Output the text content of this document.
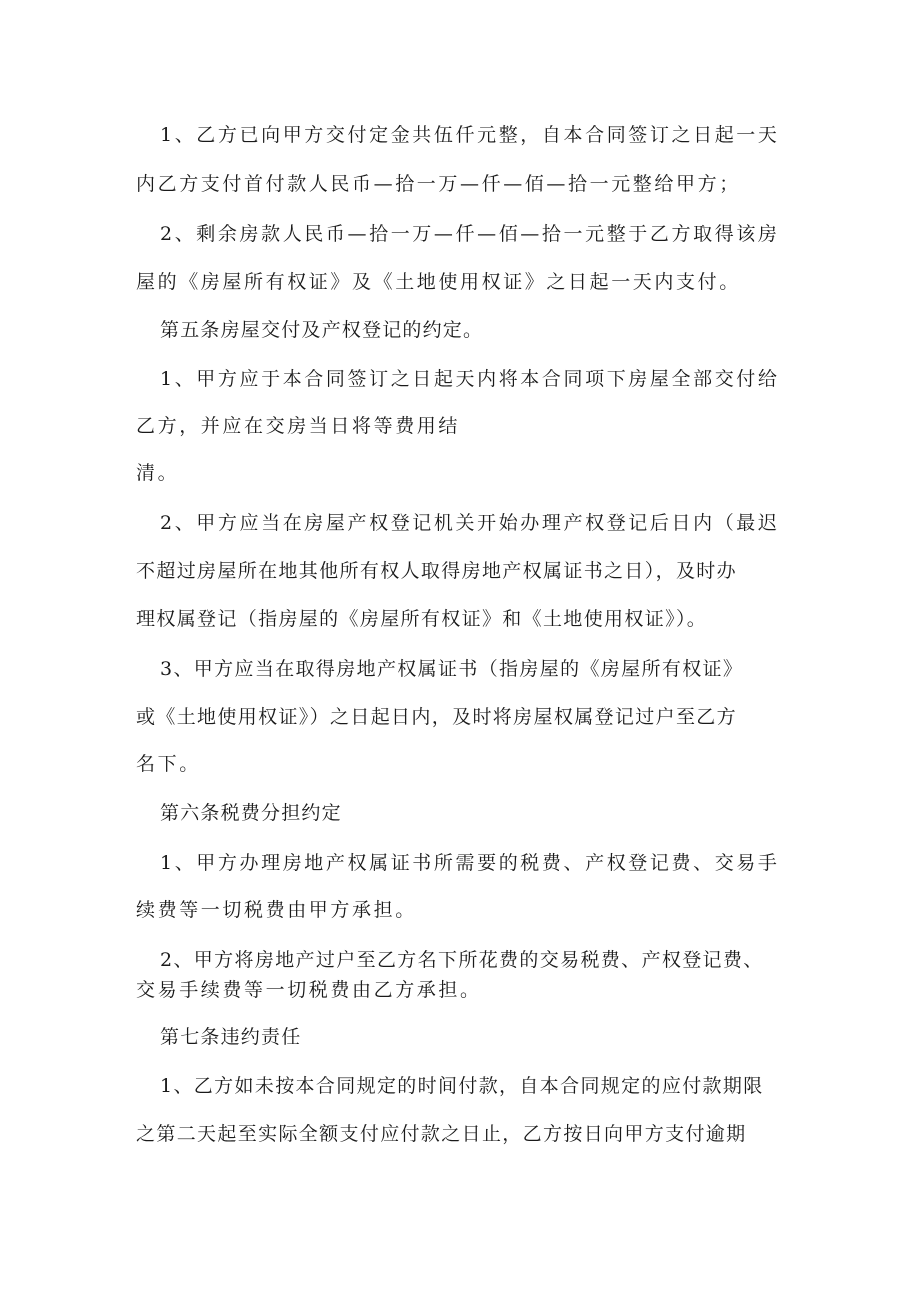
1、乙方已向甲方交付定金共伍仟元整，自本合同签订之日起一天
内乙方支付首付款人民币—拾一万—仟—佰—拾一元整给甲方；
2、剩余房款人民币—拾一万—仟—佰—拾一元整于乙方取得该房
屋的《房屋所有权证》及《土地使用权证》之日起一天内支付。
第五条房屋交付及产权登记的约定。
1、甲方应于本合同签订之日起天内将本合同项下房屋全部交付给
乙方，并应在交房当日将等费用结
清。
2、甲方应当在房屋产权登记机关开始办理产权登记后日内（最迟
不超过房屋所在地其他所有权人取得房地产权属证书之日），及时办
理权属登记（指房屋的《房屋所有权证》和《土地使用权证》）。
3、甲方应当在取得房地产权属证书（指房屋的《房屋所有权证》
或《土地使用权证》）之日起日内，及时将房屋权属登记过户至乙方
名下。
第六条税费分担约定
1、甲方办理房地产权属证书所需要的税费、产权登记费、交易手
续费等一切税费由甲方承担。
2、甲方将房地产过户至乙方名下所花费的交易税费、产权登记费、
交易手续费等一切税费由乙方承担。
第七条违约责任
1、乙方如未按本合同规定的时间付款，自本合同规定的应付款期限
之第二天起至实际全额支付应付款之日止，乙方按日向甲方支付逾期
